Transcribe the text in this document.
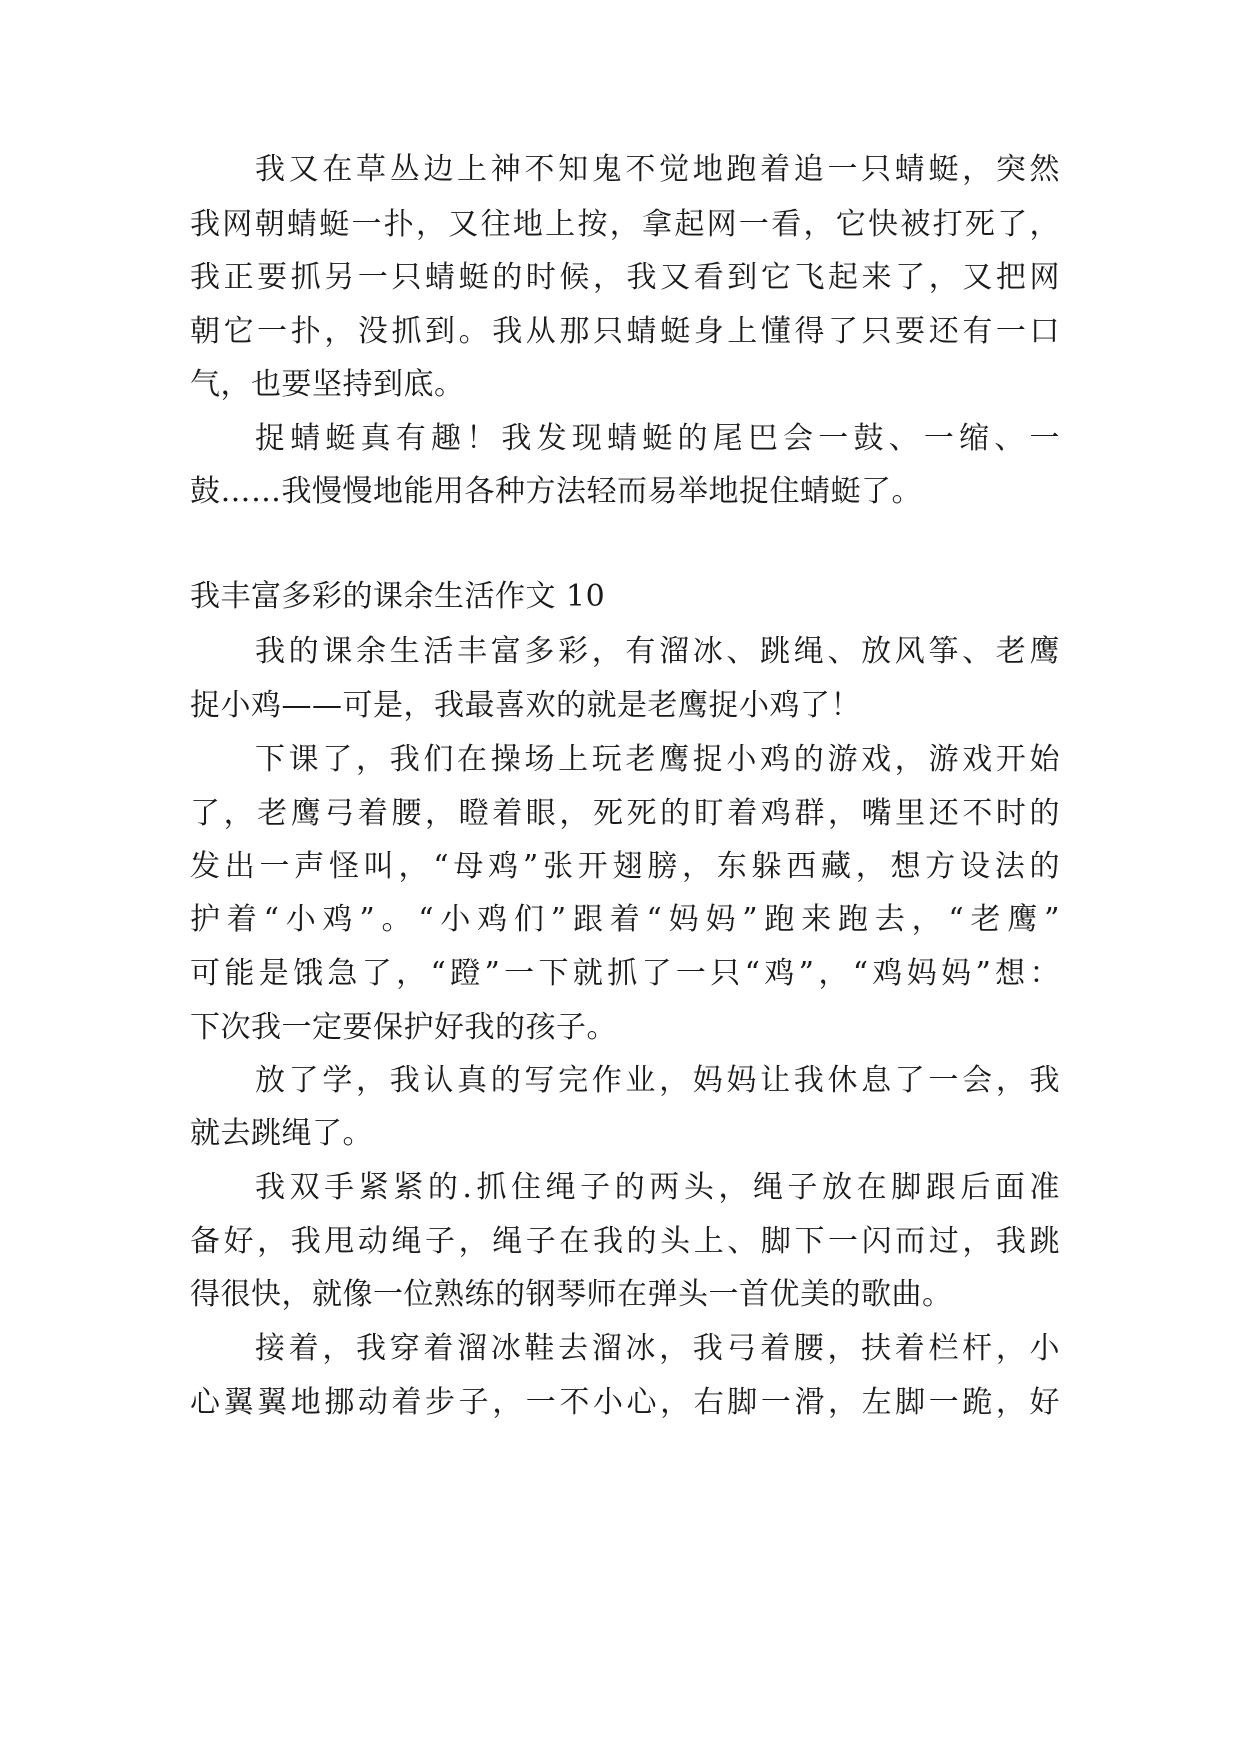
我又在草丛边上神不知鬼不觉地跑着追一只蜻蜓，突然
我网朝蜻蜓一扑，又往地上按，拿起网一看，它快被打死了，
我正要抓另一只蜻蜓的时候，我又看到它飞起来了，又把网
朝它一扑，没抓到。我从那只蜻蜓身上懂得了只要还有一口
气，也要坚持到底。
捉蜻蜓真有趣！我发现蜻蜓的尾巴会一鼓、一缩、一
鼓……我慢慢地能用各种方法轻而易举地捉住蜻蜓了。
我丰富多彩的课余生活作文 10
我的课余生活丰富多彩，有溜冰、跳绳、放风筝、老鹰
捉小鸡——可是，我最喜欢的就是老鹰捉小鸡了！
下课了，我们在操场上玩老鹰捉小鸡的游戏，游戏开始
了，老鹰弓着腰，瞪着眼，死死的盯着鸡群，嘴里还不时的
发出一声怪叫，“母鸡”张开翅膀，东躲西藏，想方设法的
护着“小鸡”。“小鸡们”跟着“妈妈”跑来跑去，“老鹰”
可能是饿急了，“蹬”一下就抓了一只“鸡”，“鸡妈妈”想：
下次我一定要保护好我的孩子。
放了学，我认真的写完作业，妈妈让我休息了一会，我
就去跳绳了。
我双手紧紧的.抓住绳子的两头，绳子放在脚跟后面准
备好，我甩动绳子，绳子在我的头上、脚下一闪而过，我跳
得很快，就像一位熟练的钢琴师在弹头一首优美的歌曲。
接着，我穿着溜冰鞋去溜冰，我弓着腰，扶着栏杆，小
心翼翼地挪动着步子，一不小心，右脚一滑，左脚一跪，好
